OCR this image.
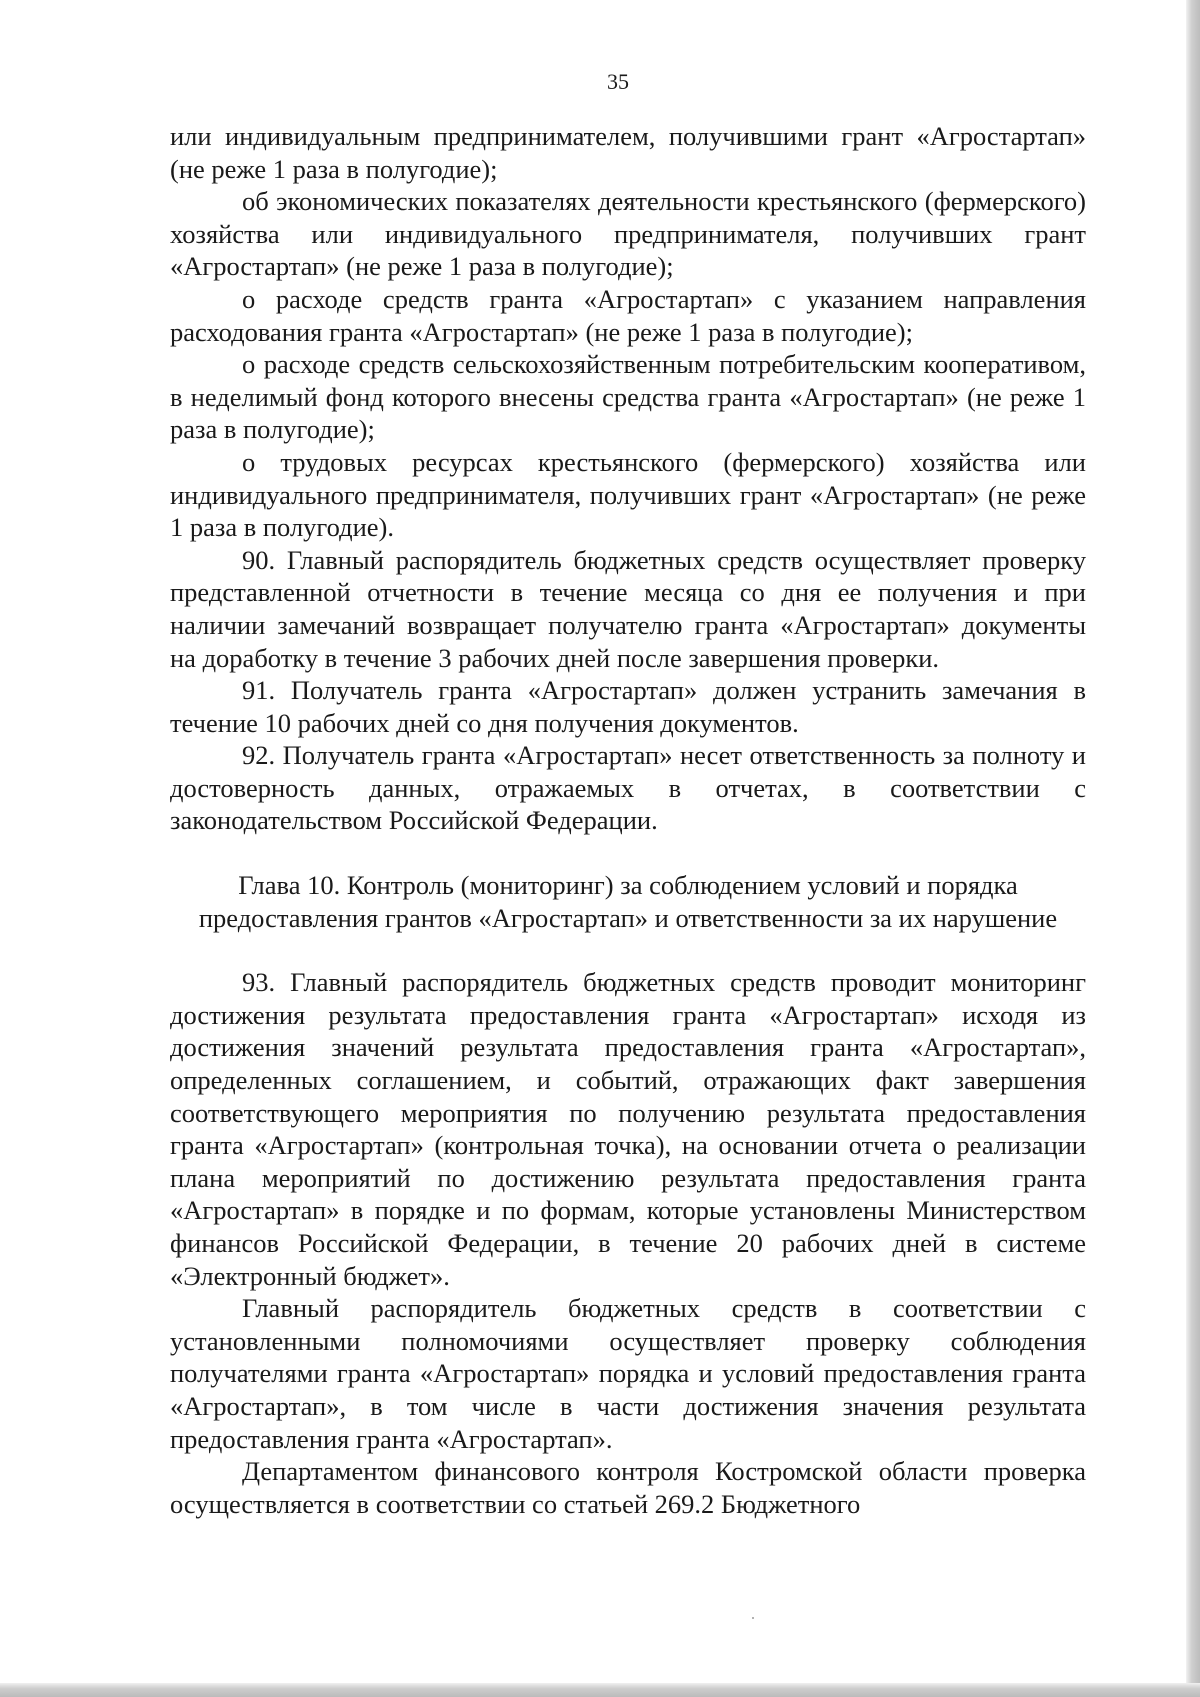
35

или индивидуальным предпринимателем, получившими грант «Агростартап» (не реже 1 раза в полугодие);

об экономических показателях деятельности крестьянского (фермерского) хозяйства или индивидуального предпринимателя, получивших грант «Агростартап» (не реже 1 раза в полугодие);

о расходе средств гранта «Агростартап» с указанием направления расходования гранта «Агростартап» (не реже 1 раза в полугодие);

о расходе средств сельскохозяйственным потребительским кооперативом, в неделимый фонд которого внесены средства гранта «Агростартап» (не реже 1 раза в полугодие);

о трудовых ресурсах крестьянского (фермерского) хозяйства или индивидуального предпринимателя, получивших грант «Агростартап» (не реже 1 раза в полугодие).

90. Главный распорядитель бюджетных средств осуществляет проверку представленной отчетности в течение месяца со дня ее получения и при наличии замечаний возвращает получателю гранта «Агростартап» документы на доработку в течение 3 рабочих дней после завершения проверки.

91. Получатель гранта «Агростартап» должен устранить замечания в течение 10 рабочих дней со дня получения документов.

92. Получатель гранта «Агростартап» несет ответственность за полноту и достоверность данных, отражаемых в отчетах, в соответствии с законодательством Российской Федерации.

Глава 10. Контроль (мониторинг) за соблюдением условий и порядка
предоставления грантов «Агростартап» и ответственности за их нарушение

93. Главный распорядитель бюджетных средств проводит мониторинг достижения результата предоставления гранта «Агростартап» исходя из достижения значений результата предоставления гранта «Агростартап», определенных соглашением, и событий, отражающих факт завершения соответствующего мероприятия по получению результата предоставления гранта «Агростартап» (контрольная точка), на основании отчета о реализации плана мероприятий по достижению результата предоставления гранта «Агростартап» в порядке и по формам, которые установлены Министерством финансов Российской Федерации, в течение 20 рабочих дней в системе «Электронный бюджет».

Главный распорядитель бюджетных средств в соответствии с установленными полномочиями осуществляет проверку соблюдения получателями гранта «Агростартап» порядка и условий предоставления гранта «Агростартап», в том числе в части достижения значения результата предоставления гранта «Агростартап».

Департаментом финансового контроля Костромской области проверка осуществляется в соответствии со статьей 269.2 Бюджетного
